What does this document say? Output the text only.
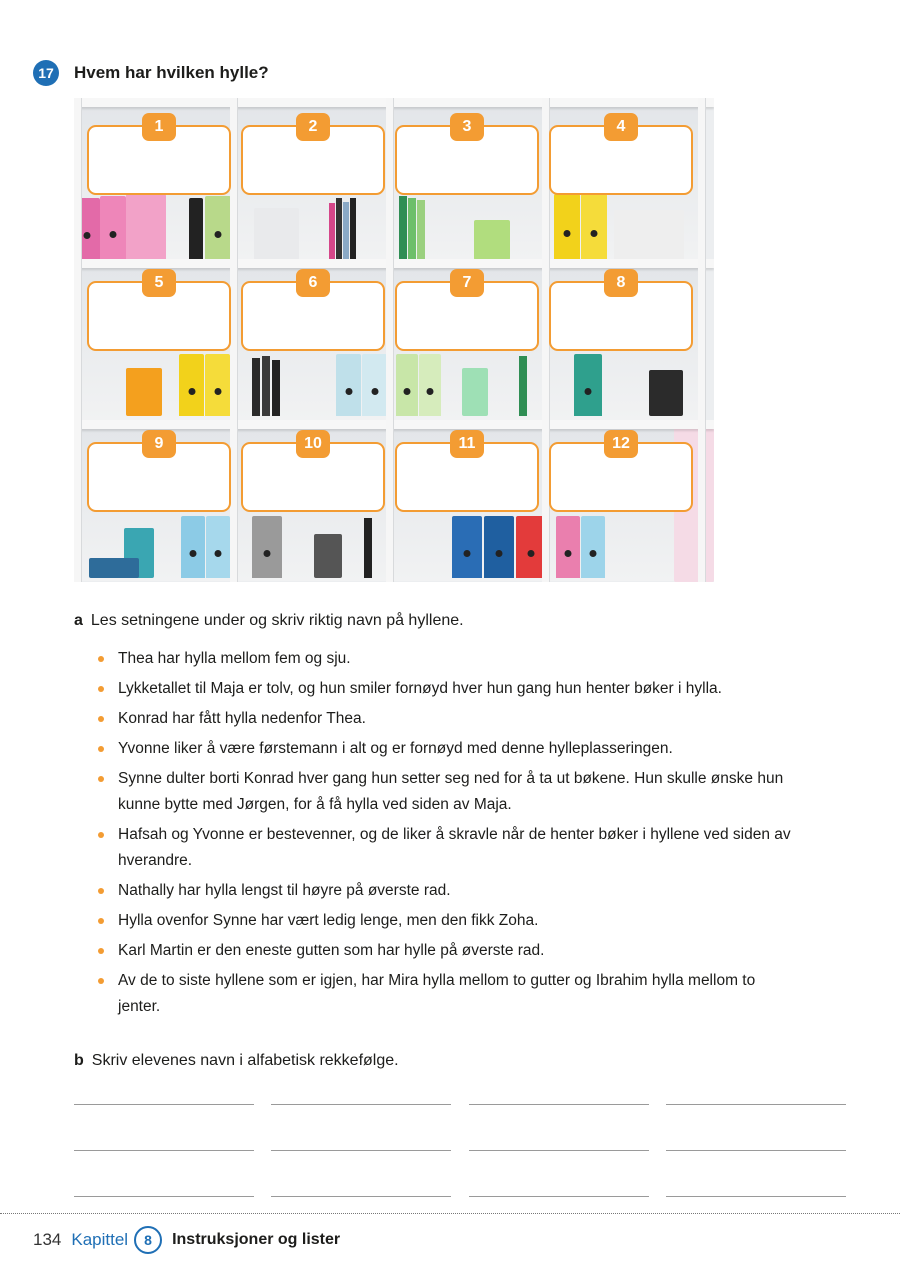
17	Hvem har hvilken hylle?
1	2	3	4
5	6	7	8
9	10	11	12
a Les setningene under og skriv riktig navn på hyllene.
Thea har hylla mellom fem og sju.
Lykketallet til Maja er tolv, og hun smiler fornøyd hver hun gang hun henter bøker i hylla.
Konrad har fått hylla nedenfor Thea.
Yvonne liker å være førstemann i alt og er fornøyd med denne hylleplasseringen.
Synne dulter borti Konrad hver gang hun setter seg ned for å ta ut bøkene. Hun skulle ønske hun kunne bytte med Jørgen, for å få hylla ved siden av Maja.
Hafsah og Yvonne er bestevenner, og de liker å skravle når de henter bøker i hyllene ved siden av hverandre.
Nathally har hylla lengst til høyre på øverste rad.
Hylla ovenfor Synne har vært ledig lenge, men den fikk Zoha.
Karl Martin er den eneste gutten som har hylle på øverste rad.
Av de to siste hyllene som er igjen, har Mira hylla mellom to gutter og Ibrahim hylla mellom to jenter.
b Skriv elevenes navn i alfabetisk rekkefølge.
134 Kapittel	8	Instruksjoner og lister
